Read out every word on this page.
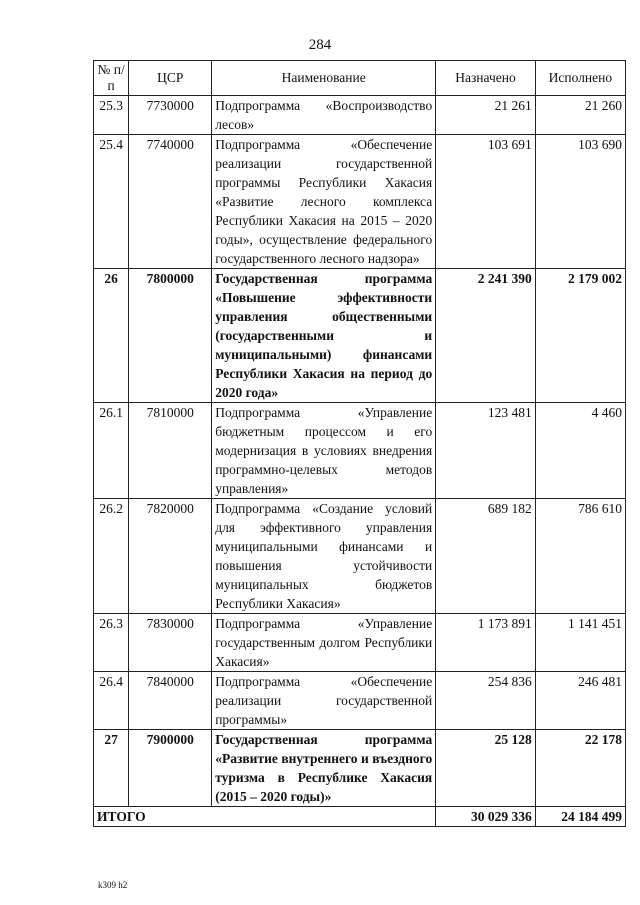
284
№ п/п	ЦСР	Наименование	Назначено	Исполнено
25.3	7730000	Подпрограмма «Воспроизводство лесов»	21 261	21 260
25.4	7740000	Подпрограмма «Обеспечение реализации государственной программы Республики Хакасия «Развитие лесного комплекса Республики Хакасия на 2015 – 2020 годы», осуществление федерального государственного лесного надзора»	103 691	103 690
26	7800000	Государственная программа «Повышение эффективности управления общественными (государственными и муниципальными) финансами Республики Хакасия на период до 2020 года»	2 241 390	2 179 002
26.1	7810000	Подпрограмма «Управление бюджетным процессом и его модернизация в условиях внедрения программно-целевых методов управления»	123 481	4 460
26.2	7820000	Подпрограмма «Создание условий для эффективного управления муниципальными финансами и повышения устойчивости муниципальных бюджетов Республики Хакасия»	689 182	786 610
26.3	7830000	Подпрограмма «Управление государственным долгом Республики Хакасия»	1 173 891	1 141 451
26.4	7840000	Подпрограмма «Обеспечение реализации государственной программы»	254 836	246 481
27	7900000	Государственная программа «Развитие внутреннего и въездного туризма в Республике Хакасия (2015 – 2020 годы)»	25 128	22 178
ИТОГО			30 029 336	24 184 499
k309 h2
